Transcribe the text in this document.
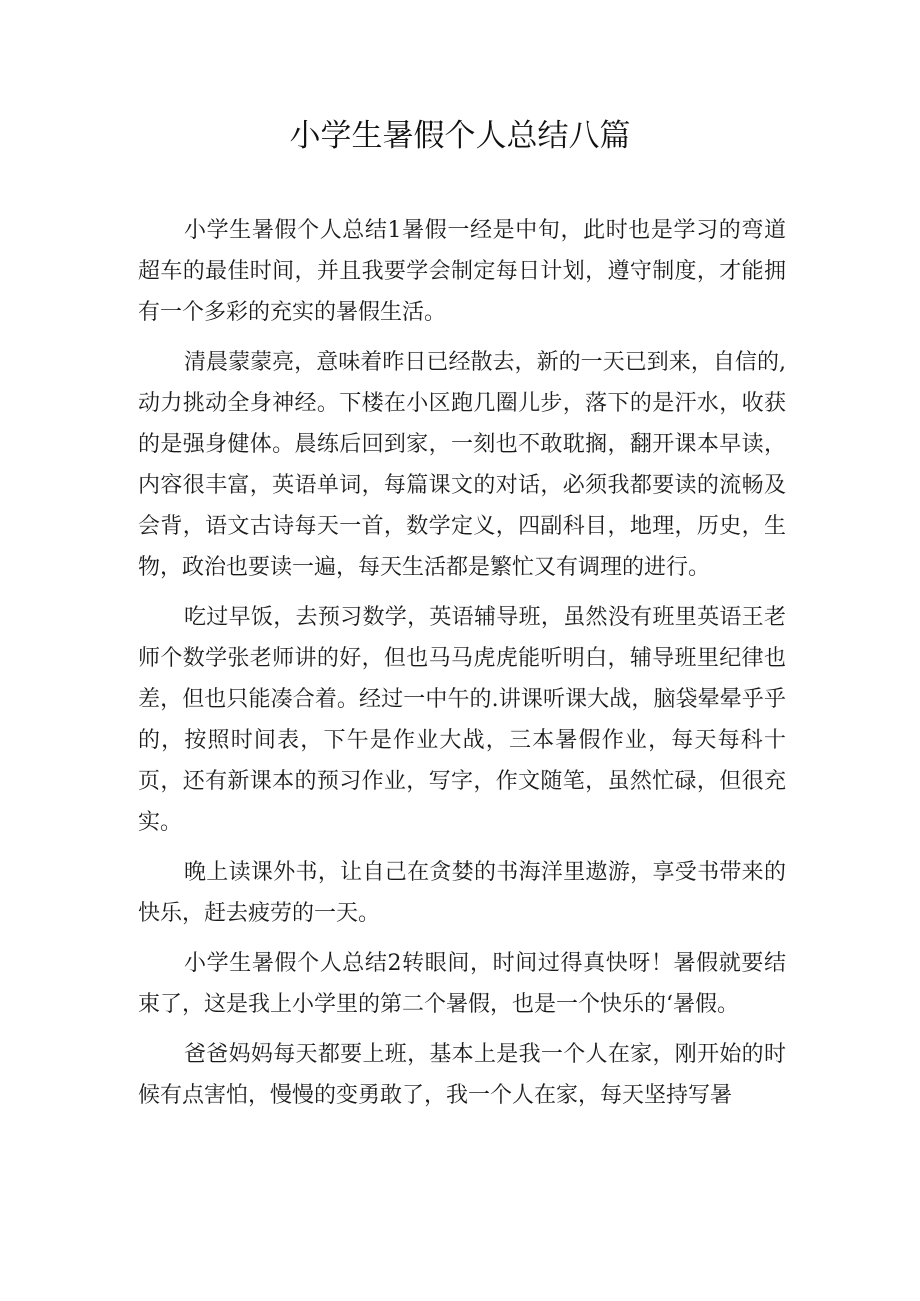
小学生暑假个人总结八篇

小学生暑假个人总结1暑假一经是中旬，此时也是学习的弯道超车的最佳时间，并且我要学会制定每日计划，遵守制度，才能拥有一个多彩的充实的暑假生活。

清晨蒙蒙亮，意味着昨日已经散去，新的一天已到来，自信的,动力挑动全身神经。下楼在小区跑几圈儿步，落下的是汗水，收获的是强身健体。晨练后回到家，一刻也不敢耽搁，翻开课本早读，内容很丰富，英语单词，每篇课文的对话，必须我都要读的流畅及会背，语文古诗每天一首，数学定义，四副科目，地理，历史，生物，政治也要读一遍，每天生活都是繁忙又有调理的进行。

吃过早饭，去预习数学，英语辅导班，虽然没有班里英语王老师个数学张老师讲的好，但也马马虎虎能听明白，辅导班里纪律也差，但也只能凑合着。经过一中午的.讲课听课大战，脑袋晕晕乎乎的，按照时间表，下午是作业大战，三本暑假作业，每天每科十页，还有新课本的预习作业，写字，作文随笔，虽然忙碌，但很充实。

晚上读课外书，让自己在贪婪的书海洋里遨游，享受书带来的快乐，赶去疲劳的一天。

小学生暑假个人总结2转眼间，时间过得真快呀！暑假就要结束了，这是我上小学里的第二个暑假，也是一个快乐的‘暑假。

爸爸妈妈每天都要上班，基本上是我一个人在家，刚开始的时候有点害怕，慢慢的变勇敢了，我一个人在家，每天坚持写暑
